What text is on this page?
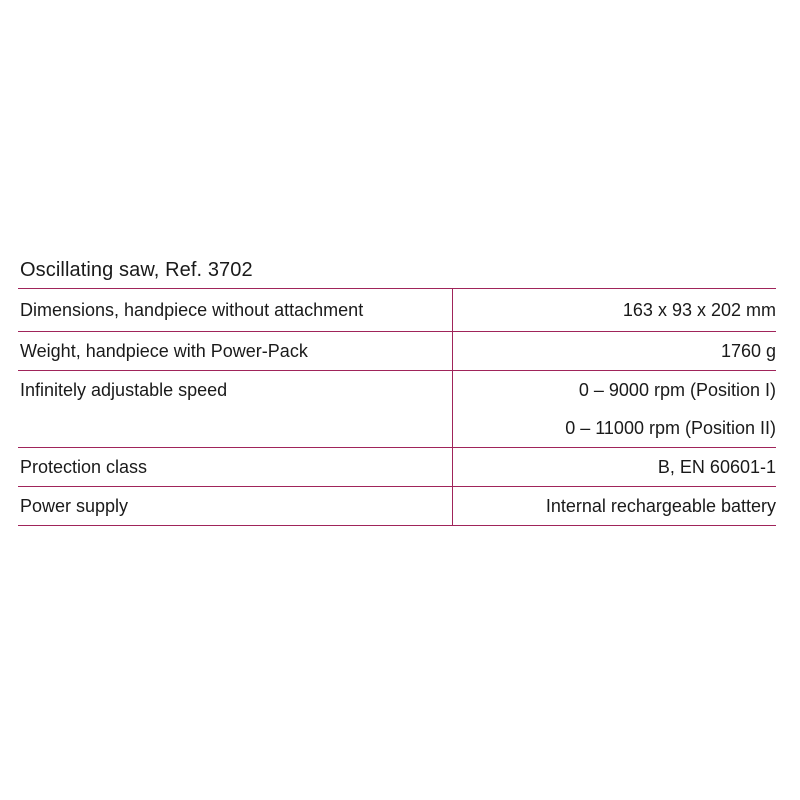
Oscillating saw, Ref. 3702
Dimensions, handpiece without attachment	163 x 93 x 202 mm

Weight, handpiece with Power-Pack	1760 g

Infinitely adjustable speed	0 – 9000 rpm (Position I)
0 – 11000 rpm (Position II)

Protection class	B, EN 60601-1

Power supply	Internal rechargeable battery
